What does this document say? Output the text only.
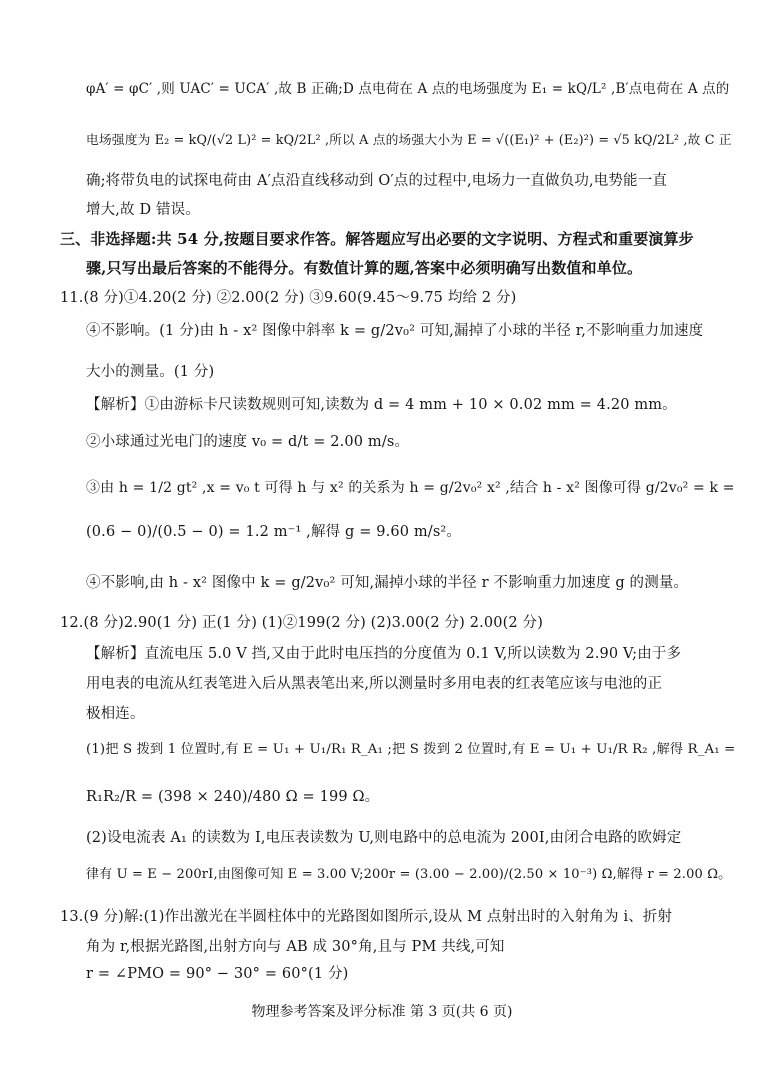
φA′ = φC′ ,则 UAC′ = UCA′ ,故 B 正确;D 点电荷在 A 点的电场强度为 E₁ = kQ/L² ,B′点电荷在 A 点的
电场强度为 E₂ = kQ/(√2 L)² = kQ/2L² ,所以 A 点的场强大小为 E = √((E₁)² + (E₂)²) = √5 kQ/2L² ,故 C 正
确;将带负电的试探电荷由 A′点沿直线移动到 O′点的过程中,电场力一直做负功,电势能一直
增大,故 D 错误。
三、非选择题:共 54 分,按题目要求作答。解答题应写出必要的文字说明、方程式和重要演算步
骤,只写出最后答案的不能得分。有数值计算的题,答案中必须明确写出数值和单位。
11.(8 分)①4.20(2 分) ②2.00(2 分) ③9.60(9.45～9.75 均给 2 分)
④不影响。(1 分)由 h - x² 图像中斜率 k = g/2v₀² 可知,漏掉了小球的半径 r,不影响重力加速度
大小的测量。(1 分)
【解析】①由游标卡尺读数规则可知,读数为 d = 4 mm + 10 × 0.02 mm = 4.20 mm。
②小球通过光电门的速度 v₀ = d/t = 2.00 m/s。
③由 h = 1/2 gt² ,x = v₀ t 可得 h 与 x² 的关系为 h = g/2v₀² x² ,结合 h - x² 图像可得 g/2v₀² = k =
(0.6 − 0)/(0.5 − 0) = 1.2 m⁻¹ ,解得 g = 9.60 m/s²。
④不影响,由 h - x² 图像中 k = g/2v₀² 可知,漏掉小球的半径 r 不影响重力加速度 g 的测量。
12.(8 分)2.90(1 分) 正(1 分) (1)②199(2 分) (2)3.00(2 分) 2.00(2 分)
【解析】直流电压 5.0 V 挡,又由于此时电压挡的分度值为 0.1 V,所以读数为 2.90 V;由于多
用电表的电流从红表笔进入后从黑表笔出来,所以测量时多用电表的红表笔应该与电池的正
极相连。
(1)把 S 拨到 1 位置时,有 E = U₁ + U₁/R₁ R_A₁ ;把 S 拨到 2 位置时,有 E = U₁ + U₁/R R₂ ,解得 R_A₁ =
R₁R₂/R = (398 × 240)/480 Ω = 199 Ω。
(2)设电流表 A₁ 的读数为 I,电压表读数为 U,则电路中的总电流为 200I,由闭合电路的欧姆定
律有 U = E − 200rI,由图像可知 E = 3.00 V;200r = (3.00 − 2.00)/(2.50 × 10⁻³) Ω,解得 r = 2.00 Ω。
13.(9 分)解:(1)作出激光在半圆柱体中的光路图如图所示,设从 M 点射出时的入射角为 i、折射
角为 r,根据光路图,出射方向与 AB 成 30°角,且与 PM 共线,可知
r = ∠PMO = 90° − 30° = 60°(1 分)
物理参考答案及评分标准 第 3 页(共 6 页)
